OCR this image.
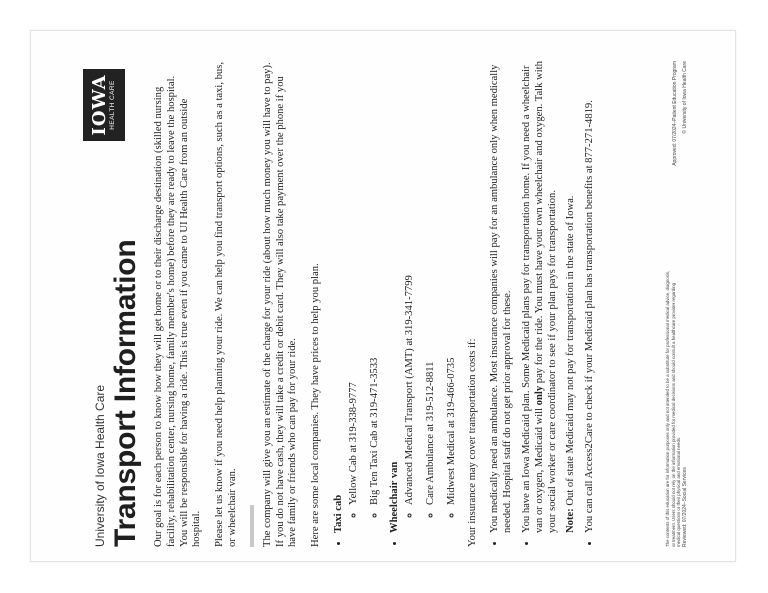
IOWA HEALTH CARE
University of Iowa Health Care Transport Information Our goal is for each person to know how they will get home or to their discharge destination (skilled nursing facility, rehabilitation center, nursing home, family member's home) before they are ready to leave the hospital. You will be responsible for having a ride. This is true even if you came to UI Health Care from an outside hospital. Please let us know if you need help planning your ride. We can help you find transport options, such as a taxi, bus, or wheelchair van. The company will give you an estimate of the charge for your ride (about how much money you will have to pay). If you do not have cash, they will take a credit or debit card. They will also take payment over the phone if you have family or friends who can pay for your ride. Here are some local companies. They have prices to help you plan. • Taxi cab
◦ Yellow Cab at 319-338-9777 ◦ Big Ten Taxi Cab at 319-471-3533 • Wheelchair van ◦ Advanced Medical Transport (AMT) at 319-341-7799 ◦ Care Ambulance at 319-512-8811 ◦ Midwest Medical at 319-466-0735 Your insurance may cover transportation costs if: • You medically need an ambulance. Most insurance companies will pay for an ambulance only when medically needed. Hospital staff do not get prior approval for these. • You have an Iowa Medicaid plan. Some Medicaid plans pay for transportation home. If you need a wheelchair van or oxygen, Medicaid will only pay for the ride. You must have your own wheelchair and oxygen. Talk with your social worker or care coordinator to see if your plan pays for transportation. Note: Out of state Medicaid may not pay for transportation in the state of Iowa. • You can call Access2Care to check if your Medicaid plan has transportation benefits at 877-271-4819.	The contents of this education are for information purposes only and not intended to be a substitute for professional medical advice, diagnosis, or treatment. Users should not rely on the information provided for medical decisions and should consult a healthcare provider regarding medical questions or their physical and emotional needs. Reviewed: 07/2024–Social Services
Approved: 07/2024–Patient Education Program © University of Iowa Health Care
